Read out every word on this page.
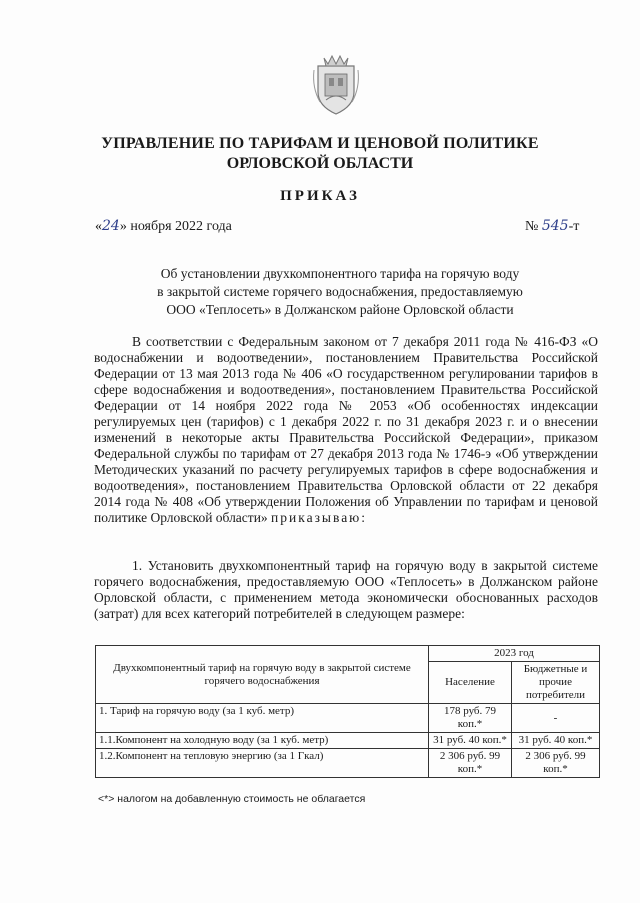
УПРАВЛЕНИЕ ПО ТАРИФАМ И ЦЕНОВОЙ ПОЛИТИКЕ
ОРЛОВСКОЙ ОБЛАСТИ
ПРИКАЗ
«24» ноября 2022 года	№ 545-т
Об установлении двухкомпонентного тарифа на горячую воду
в закрытой системе горячего водоснабжения, предоставляемую
ООО «Теплосеть» в Должанском районе Орловской области
В соответствии с Федеральным законом от 7 декабря 2011 года № 416-ФЗ «О водоснабжении и водоотведении», постановлением Правительства Российской Федерации от 13 мая 2013 года № 406 «О государственном регулировании тарифов в сфере водоснабжения и водоотведения», постановлением Правительства Российской Федерации от 14 ноября 2022 года № 2053 «Об особенностях индексации регулируемых цен (тарифов) с 1 декабря 2022 г. по 31 декабря 2023 г. и о внесении изменений в некоторые акты Правительства Российской Федерации», приказом Федеральной службы по тарифам от 27 декабря 2013 года № 1746-э «Об утверждении Методических указаний по расчету регулируемых тарифов в сфере водоснабжения и водоотведения», постановлением Правительства Орловской области от 22 декабря 2014 года № 408 «Об утверждении Положения об Управлении по тарифам и ценовой политике Орловской области» приказываю:
1. Установить двухкомпонентный тариф на горячую воду в закрытой системе горячего водоснабжения, предоставляемую ООО «Теплосеть» в Должанском районе Орловской области, с применением метода экономически обоснованных расходов (затрат) для всех категорий потребителей в следующем размере:
Двухкомпонентный тариф на горячую воду в закрытой системе горячего водоснабжения	2023 год	
	Население	Бюджетные и прочие потребители
1. Тариф на горячую воду (за 1 куб. метр)	178 руб. 79 коп.*	-
1.1.Компонент на холодную воду (за 1 куб. метр)	31 руб. 40 коп.*	31 руб. 40 коп.*
1.2.Компонент на тепловую энергию (за 1 Гкал)	2 306 руб. 99 коп.*	2 306 руб. 99 коп.*
<*> налогом на добавленную стоимость не облагается
